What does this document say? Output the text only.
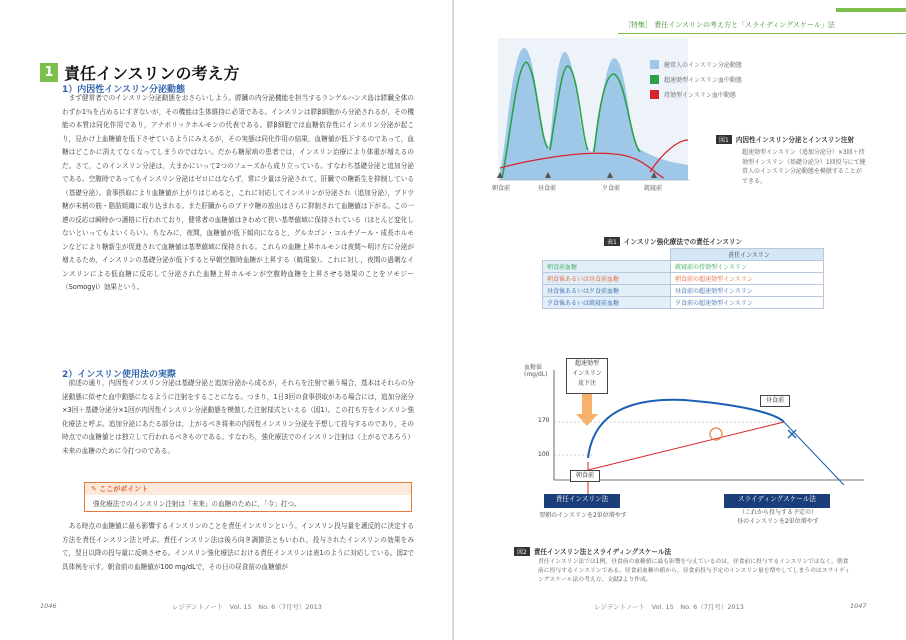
1 責任インスリンの考え方
1）内因性インスリン分泌動態
まず健常者でのインスリン分泌動態をおさらいしよう。膵臓の内分泌機能を担当するランゲルハンス島は膵臓全体のわずか1％を占めるにすぎないが，その機能は生体維持に必須である。インスリンは膵β細胞から分泌されるが，その機能の本質は同化作用であり，アナボリックホルモンの代表である。膵β細胞では血糖依存性にインスリン分泌が起こり，見かけ上血糖値を低下させているようにみえるが，その実態は同化作用の結果，血糖値が低下するのであって，血糖はどこかに消えてなくなってしまうのではない。だから糖尿病の患者では，インスリン治療により体重が増えるのだ。さて，このインスリン分泌は，大まかにいって2つのフェーズから成り立っている。すなわち基礎分泌と追加分泌である。空腹時であってもインスリン分泌はゼロにはならず，常に少量は分泌されて，肝臓での糖新生を抑制している（基礎分泌）。食事摂取により血糖値が上がりはじめると，これに対応してインスリンが分泌され（追加分泌），ブドウ糖が末梢の筋・脂肪組織に取り込まれる。また肝臓からのブドウ糖の放出はさらに抑制されて血糖値は下がる。この一連の反応は瞬時かつ適格に行われており，健常者の血糖値はきわめて狭い基準値域に保持されている（ほとんど変化しないといってもよいくらい）。ちなみに，夜間，血糖値が低下傾向になると，グルカゴン・コルチゾール・成長ホルモンなどにより糖新生が促進されて血糖値は基準値域に保持される。これらの血糖上昇ホルモンは夜間～明け方に分泌が増えるため，インスリンの基礎分泌が低下すると早朝空腹時血糖が上昇する（暁現象）。これに対し，夜間の過剰なインスリンによる低血糖に反応して分泌された血糖上昇ホルモンが空腹時血糖を上昇させる効果のことをソモジー（Somogyi）効果という。
2）インスリン使用法の実際
前述の通り，内因性インスリン分泌は基礎分泌と追加分泌から成るが，それらを注射で補う場合，基本はそれらの分泌動態に似せた血中動態になるように注射をすることになる。つまり，1日3回の食事摂取がある場合には，追加分泌分×3回＋基礎分泌分×1回が内因性インスリン分泌動態を模倣した注射様式といえる（図1）。この打ち方をインスリン強化療法と呼ぶ。追加分泌にあたる部分は，上がるべき将来の内因性インスリン分泌を予想して投与するのであり，その時点での血糖値とは独立して行われるべきものである。すなわち，強化療法でのインスリン注射は（上がるであろう）未来の血糖のために今打つのである。
✎ ここがポイント
強化療法でのインスリン注射は「未来」の血糖のために，「今」打つ。
ある時点の血糖値に最も影響するインスリンのことを責任インスリンという。インスリン投与量を適反的に決定する方法を責任インスリン法と呼ぶ。責任インスリン法は後ろ向き調節法ともいわれ，投与されたインスリンの効果をみて，翌日以降の投与量に反映させる。インスリン強化療法における責任インスリンは表1のように対応している。図2で具体例を示す，朝食前の血糖値が100 mg/dLで，その日の昼食前の血糖値が
1046	レジデントノート　Vol. 15　No. 6（7月号）2013
［特集］ 責任インスリンの考え方と「スライディングスケール」法
朝食前	昼食前	夕食前	就寝前
健常人のインスリン分泌動態
超速効型インスリン血中動態
持効型インスリン血中動態
図1 内因性インスリン分泌とインスリン注射
超速効型インスリン（追加分泌分）×3回＋持効型インスリン（基礎分泌分）1回投与にて健常人のインスリン分泌動態を模倣することができる。
表1 インスリン強化療法での責任インスリン
	責任インスリン
朝食前血糖	就寝前の持効型インスリン
朝食後あるいは昼食前血糖	朝食前の超速効型インスリン
昼食後あるいは夕食前血糖	昼食前の超速効型インスリン
夕食後あるいは就寝前血糖	夕食前の超速効型インスリン
血糖値
(mg/dL)
170
100
超速効型
インスリン
皮下注
昼食前
朝食前
責任インスリン法	スライディングスケール法
翌朝のインスリンを2単位増やす	（これから投与する予定の）
昼のインスリンを2単位増やす
図2 責任インスリン法とスライディングスケール法
責任インスリン法では1例，昼食前の血糖値に最も影響を与えているのは，昼食前に投与するインスリンではなく，朝食前に投与するインスリンである。昼食前血糖の値から，昼食前投与予定のインスリン量を増やしてしまうのはスライディングスケール法の考え方。文献2より作成。
レジデントノート　Vol. 15　No. 6（7月号）2013	1047
